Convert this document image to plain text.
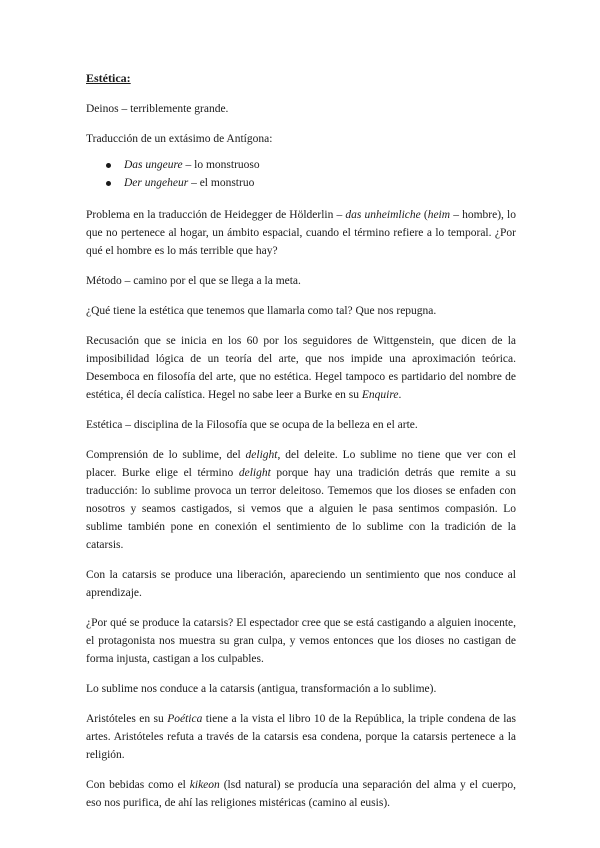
Estética:

Deinos – terriblemente grande.

Traducción de un extásimo de Antígona:

Das ungeure – lo monstruoso
Der ungeheur – el monstruo

Problema en la traducción de Heidegger de Hölderlin – das unheimliche (heim – hombre), lo que no pertenece al hogar, un ámbito espacial, cuando el término refiere a lo temporal. ¿Por qué el hombre es lo más terrible que hay?

Método – camino por el que se llega a la meta.

¿Qué tiene la estética que tenemos que llamarla como tal? Que nos repugna.

Recusación que se inicia en los 60 por los seguidores de Wittgenstein, que dicen de la imposibilidad lógica de un teoría del arte, que nos impide una aproximación teórica. Desemboca en filosofía del arte, que no estética. Hegel tampoco es partidario del nombre de estética, él decía calística. Hegel no sabe leer a Burke en su Enquire.

Estética – disciplina de la Filosofía que se ocupa de la belleza en el arte.

Comprensión de lo sublime, del delight, del deleite. Lo sublime no tiene que ver con el placer. Burke elige el término delight porque hay una tradición detrás que remite a su traducción: lo sublime provoca un terror deleitoso. Tememos que los dioses se enfaden con nosotros y seamos castigados, si vemos que a alguien le pasa sentimos compasión. Lo sublime también pone en conexión el sentimiento de lo sublime con la tradición de la catarsis.

Con la catarsis se produce una liberación, apareciendo un sentimiento que nos conduce al aprendizaje.

¿Por qué se produce la catarsis? El espectador cree que se está castigando a alguien inocente, el protagonista nos muestra su gran culpa, y vemos entonces que los dioses no castigan de forma injusta, castigan a los culpables.

Lo sublime nos conduce a la catarsis (antigua, transformación a lo sublime).

Aristóteles en su Poética tiene a la vista el libro 10 de la República, la triple condena de las artes. Aristóteles refuta a través de la catarsis esa condena, porque la catarsis pertenece a la religión.

Con bebidas como el kikeon (lsd natural) se producía una separación del alma y el cuerpo, eso nos purifica, de ahí las religiones mistéricas (camino al eusis).
